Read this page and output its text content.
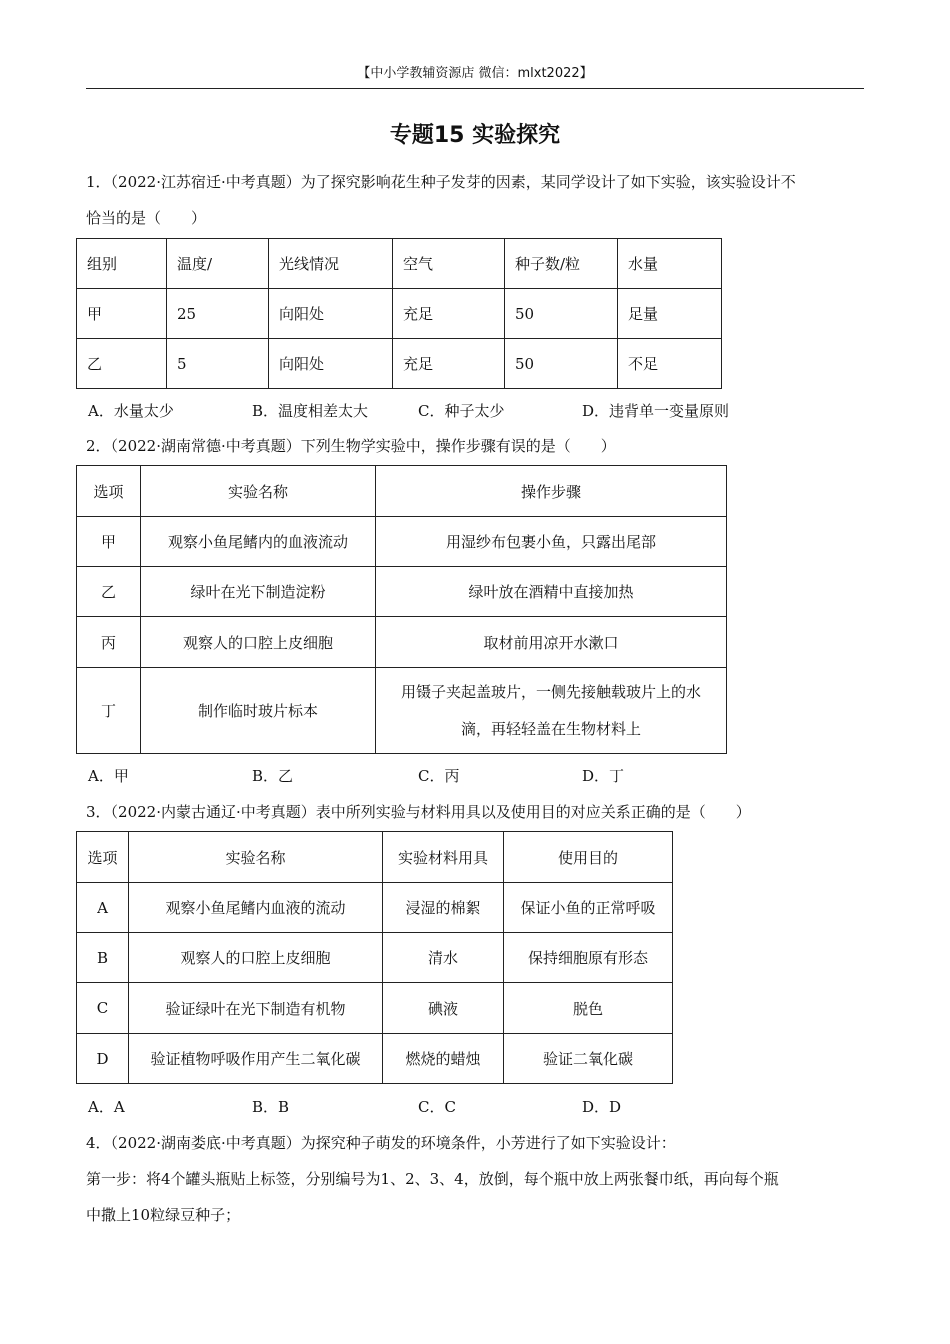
【中小学教辅资源店 微信：mlxt2022】
专题15 实验探究
1．（2022·江苏宿迁·中考真题）为了探究影响花生种子发芽的因素，某同学设计了如下实验，该实验设计不
恰当的是（　　）
组别	温度/	光线情况	空气	种子数/粒	水量
甲	25	向阳处	充足	50	足量
乙	5	向阳处	充足	50	不足
A．水量太少	B．温度相差太大	C．种子太少	D．违背单一变量原则
2．（2022·湖南常德·中考真题）下列生物学实验中，操作步骤有误的是（　　）
选项	实验名称	操作步骤
甲	观察小鱼尾鳍内的血液流动	用湿纱布包裹小鱼，只露出尾部
乙	绿叶在光下制造淀粉	绿叶放在酒精中直接加热
丙	观察人的口腔上皮细胞	取材前用凉开水漱口
丁	制作临时玻片标本	用镊子夹起盖玻片，一侧先接触载玻片上的水
滴，再轻轻盖在生物材料上
A．甲	B．乙	C．丙	D．丁
3．（2022·内蒙古通辽·中考真题）表中所列实验与材料用具以及使用目的对应关系正确的是（　　）
选项	实验名称	实验材料用具	使用目的
A	观察小鱼尾鳍内血液的流动	浸湿的棉絮	保证小鱼的正常呼吸
B	观察人的口腔上皮细胞	清水	保持细胞原有形态
C	验证绿叶在光下制造有机物	碘液	脱色
D	验证植物呼吸作用产生二氧化碳	燃烧的蜡烛	验证二氧化碳
A．A	B．B	C．C	D．D
4．（2022·湖南娄底·中考真题）为探究种子萌发的环境条件，小芳进行了如下实验设计：
第一步：将4个罐头瓶贴上标签，分别编号为1、2、3、4，放倒，每个瓶中放上两张餐巾纸，再向每个瓶
中撒上10粒绿豆种子；
